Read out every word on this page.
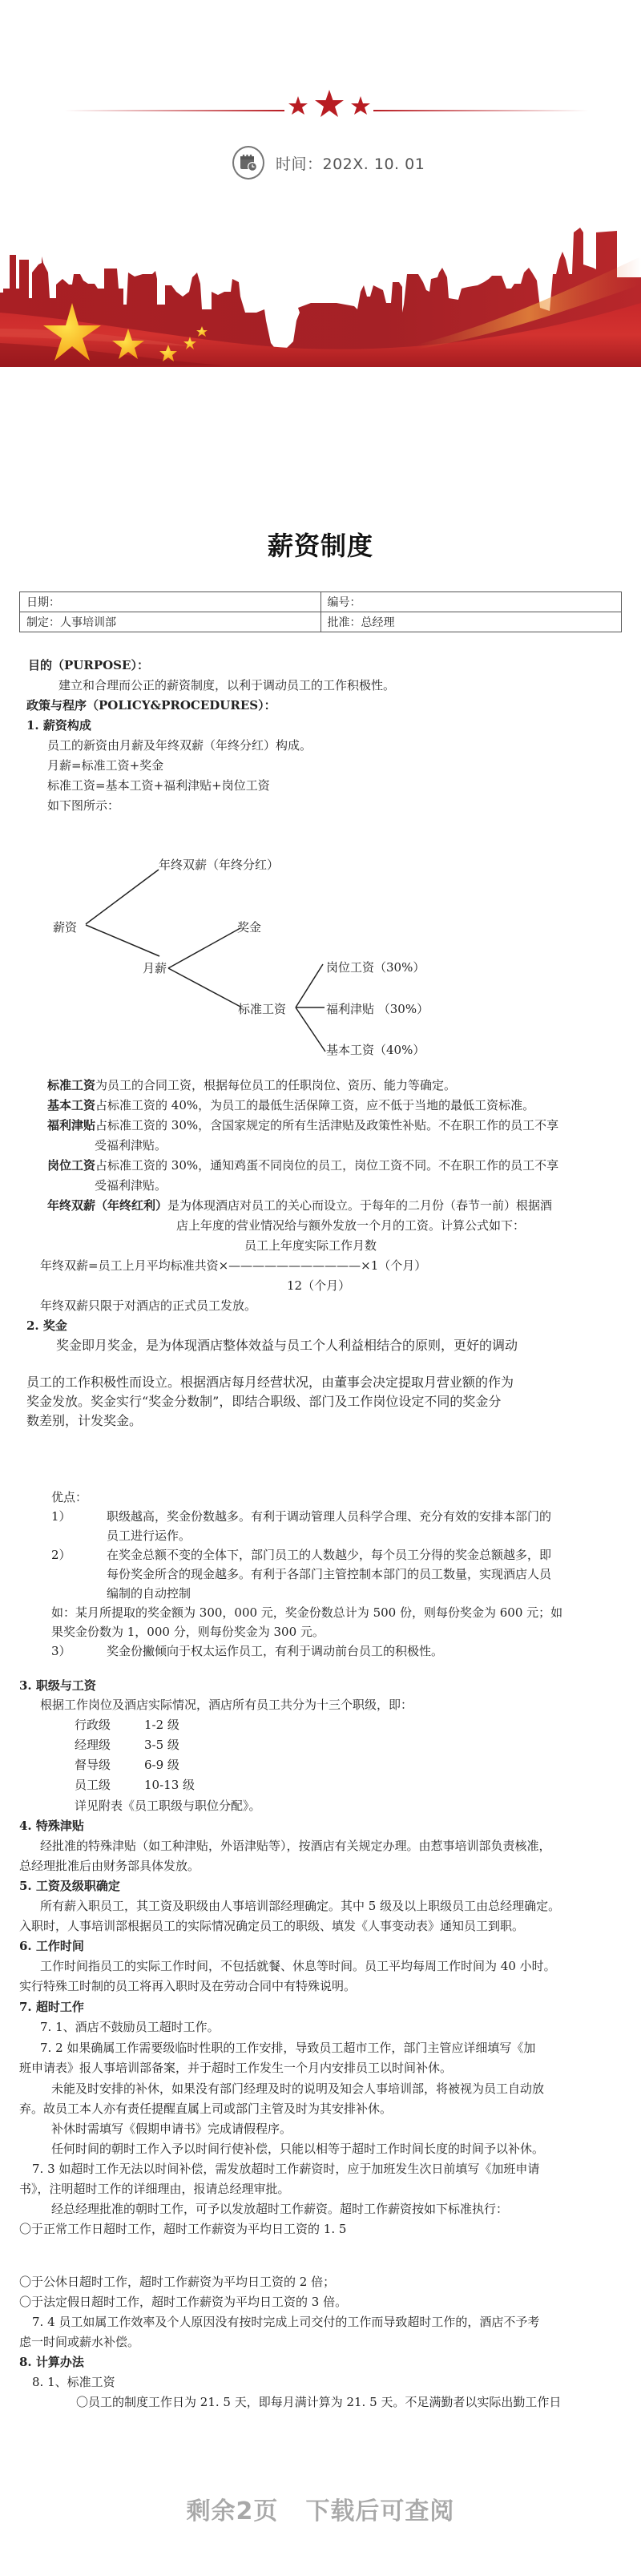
时间：202X. 10. 01
薪资制度
日期：	编号：
制定：人事培训部	批准：总经理
目的（PURPOSE）：
建立和合理而公正的薪资制度，以利于调动员工的工作积极性。
政策与程序（POLICY&PROCEDURES）：
1. 薪资构成
员工的新资由月薪及年终双薪（年终分红）构成。
月薪=标准工资+奖金
标准工资=基本工资+福利津贴+岗位工资
如下图所示：
薪资
年终双薪（年终分红）
月薪
奖金
标准工资
岗位工资（30%）
福利津贴 （30%）
基本工资（40%）
标准工资为员工的合同工资，根据每位员工的任职岗位、资历、能力等确定。
基本工资占标准工资的 40%，为员工的最低生活保障工资，应不低于当地的最低工资标准。
福利津贴占标准工资的 30%，含国家规定的所有生活津贴及政策性补贴。不在职工作的员工不享
受福利津贴。
岗位工资占标准工资的 30%，通知鸡蛋不同岗位的员工，岗位工资不同。不在职工作的员工不享
受福利津贴。
年终双薪（年终红利）是为体现酒店对员工的关心而设立。于每年的二月份（春节一前）根据酒
店上年度的营业情况给与额外发放一个月的工资。计算公式如下：
员工上年度实际工作月数
年终双薪=员工上月平均标准共资×———————————×1（个月）
12（个月）
年终双薪只限于对酒店的正式员工发放。
2. 奖金
奖金即月奖金，是为体现酒店整体效益与员工个人利益相结合的原则，更好的调动
员工的工作积极性而设立。根据酒店每月经营状况，由董事会决定提取月营业额的作为
奖金发放。奖金实行“奖金分数制”，即结合职级、部门及工作岗位设定不同的奖金分
数差别，计发奖金。
优点：
1）	职级越高，奖金份数越多。有利于调动管理人员科学合理、充分有效的安排本部门的
员工进行运作。
2）	在奖金总额不变的全体下，部门员工的人数越少，每个员工分得的奖金总额越多，即
每份奖金所含的现金越多。有利于各部门主管控制本部门的员工数量，实现酒店人员
编制的自动控制
如：某月所提取的奖金额为 300，000 元，奖金份数总计为 500 份，则每份奖金为 600 元；如
果奖金份数为 1，000 分，则每份奖金为 300 元。
3）	奖金份撇倾向于权太运作员工，有利于调动前台员工的积极性。
3. 职级与工资
根据工作岗位及酒店实际情况，酒店所有员工共分为十三个职级，即：
行政级	1-2 级
经理级	3-5 级
督导级	6-9 级
员工级	10-13 级
详见附表《员工职级与职位分配》。
4. 特殊津贴
经批准的特殊津贴（如工种津贴，外语津贴等），按酒店有关规定办理。由惹事培训部负责核准，
总经理批准后由财务部具体发放。
5. 工资及级职确定
所有薪入职员工，其工资及职级由人事培训部经理确定。其中 5 级及以上职级员工由总经理确定。
入职时，人事培训部根据员工的实际情况确定员工的职级、填发《人事变动表》通知员工到职。
6. 工作时间
工作时间指员工的实际工作时间，不包括就餐、休息等时间。员工平均每周工作时间为 40 小时。
实行特殊工时制的员工将再入职时及在劳动合同中有特殊说明。
7. 超时工作
7. 1、酒店不鼓励员工超时工作。
7. 2 如果确属工作需要级临时性职的工作安排，导致员工超市工作，部门主管应详细填写《加
班申请表》报人事培训部备案，并于超时工作发生一个月内安排员工以时间补休。
未能及时安排的补休，如果没有部门经理及时的说明及知会人事培训部，将被视为员工自动放
弃。故员工本人亦有责任提醒直属上司或部门主管及时为其安排补休。
补休时需填写《假期申请书》完成请假程序。
任何时间的朝时工作入予以时间行使补偿，只能以相等于超时工作时间长度的时间予以补休。
7. 3 如超时工作无法以时间补偿，需发放超时工作薪资时，应于加班发生次日前填写《加班申请
书》，注明超时工作的详细理由，报请总经理审批。
经总经理批准的朝时工作，可予以发放超时工作薪资。超时工作薪资按如下标准执行：
〇于正常工作日超时工作，超时工作薪资为平均日工资的 1. 5
〇于公休日超时工作，超时工作薪资为平均日工资的 2 倍；
〇于法定假日超时工作，超时工作薪资为平均日工资的 3 倍。
7. 4 员工如属工作效率及个人原因没有按时完成上司交付的工作而导致超时工作的，酒店不予考
虑一时间或薪水补偿。
8. 计算办法
8. 1、标准工资
〇员工的制度工作日为 21. 5 天，即每月满计算为 21. 5 天。不足满勤者以实际出勤工作日
剩余2页 下载后可查阅
